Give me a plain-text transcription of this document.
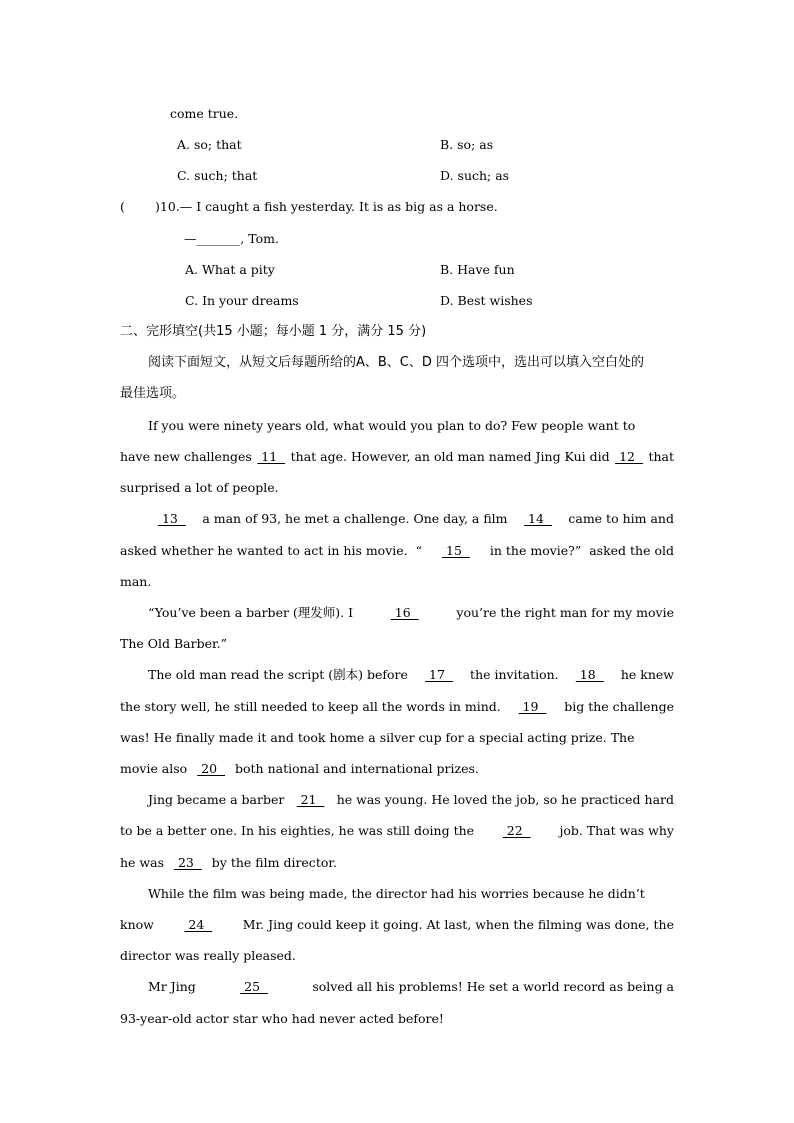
come true.
A. so; that	B. so; as
C. such; that	D. such; as
( )10.— I caught a fish yesterday. It is as big as a horse.
—_______, Tom.
A. What a pity	B. Have fun
C. In your dreams	D. Best wishes
二、完形填空(共15 小题；每小题 1 分，满分 15 分)
阅读下面短文，从短文后每题所给的A、B、C、D 四个选项中，选出可以填入空白处的
最佳选项。
If you were ninety years old, what would you plan to do? Few people want to
have new challenges 11 that age. However, an old man named Jing Kui did 12 that
surprised a lot of people.
13 a man of 93, he met a challenge. One day, a film 14 came to him and
asked whether he wanted to act in his movie.  “ 15 in the movie?”  asked the old
man.
“You’ve been a barber (理发师). I	16	you’re the right man for my movie
The Old Barber.”
The old man read the script (剧本) before 17 the invitation. 18 he knew
the story well, he still needed to keep all the words in mind. 19 big the challenge
was! He finally made it and took home a silver cup for a special acting prize. The
movie also  20   both national and international prizes.
Jing became a barber 21 he was young. He loved the job, so he practiced hard
to be a better one. In his eighties, he was still doing the 22 job. That was why
he was  23   by the film director.
While the film was being made, the director had his worries because he didn’t
know 24 Mr. Jing could keep it going. At last, when the filming was done, the
director was really pleased.
Mr Jing	25	solved all his problems! He set a world record as being a
93-year-old actor star who had never acted before!
